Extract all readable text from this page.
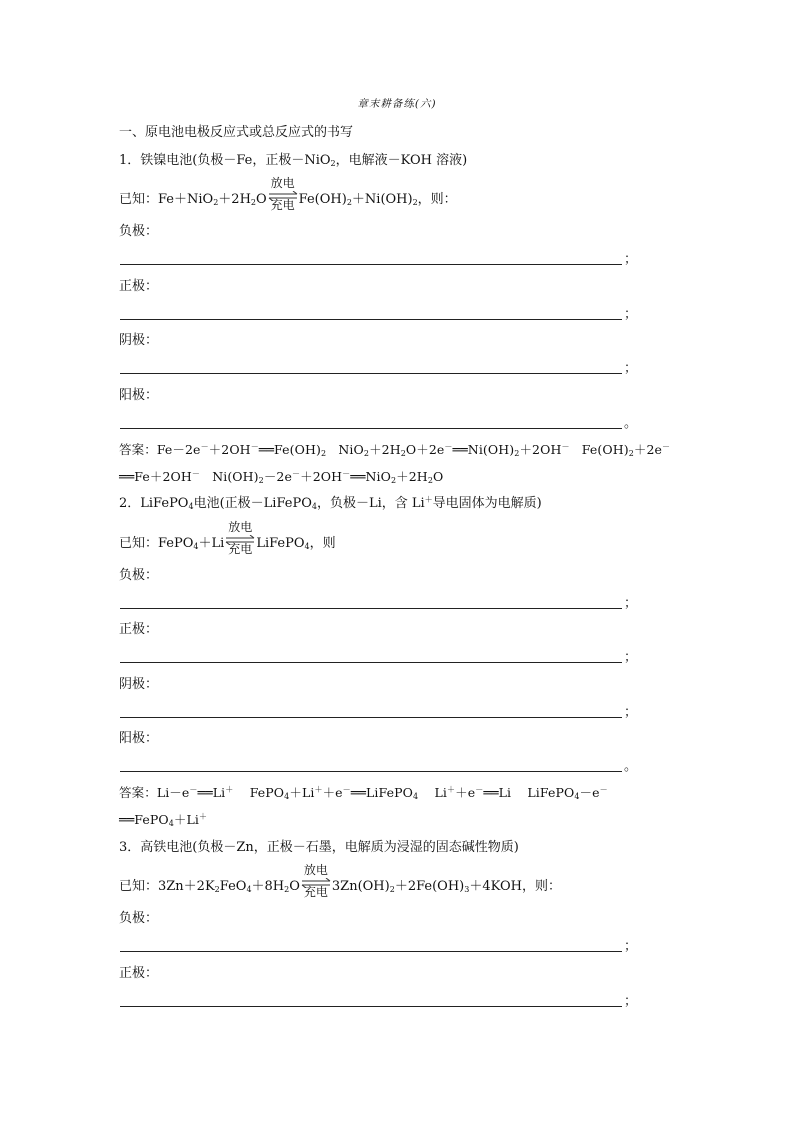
章末耕备练(六)
一、原电池电极反应式或总反应式的书写
1．铁镍电池(负极－Fe，正极－NiO$_2$，电解液－KOH 溶液)
已知：$Fe+NiO_2+2H_2O$
放电
充电 $Fe(OH)_2+Ni(OH)_2$，则：
负极：
；
正极：
；
阴极：
；
阳极：
。
答案：$Fe-2e^-+2OH^-══Fe(OH)_2$ $NiO_2+2H_2O+2e^-══Ni(OH)_2+2OH^-$ $Fe(OH)_2+2e^-$
══Fe＋2OH－ $Ni(OH)_2-2e^-+2OH^-══NiO_2+2H_2O$
2．LiFePO$_4$电池(正极－LiFePO$_4$，负极－Li，含 Li＋导电固体为电解质)
已知：FePO$_4$＋Li
放电
充电 LiFePO$_4$，则
负极：
；
正极：
；
阴极：
；
阳极：
。
答案：Li－e－══Li＋ FePO$_4$＋Li＋＋e－══LiFePO$_4$ Li＋＋e－══Li LiFePO$_4$－e－
══FePO$_4$＋Li＋
3．高铁电池(负极－Zn，正极－石墨，电解质为浸湿的固态碱性物质)
已知：$3Zn+2K_2FeO_4+8H_2O$
放电
充电 $3Zn(OH)_2+2Fe(OH)_3+4KOH$，则：
负极：
；
正极：
；
